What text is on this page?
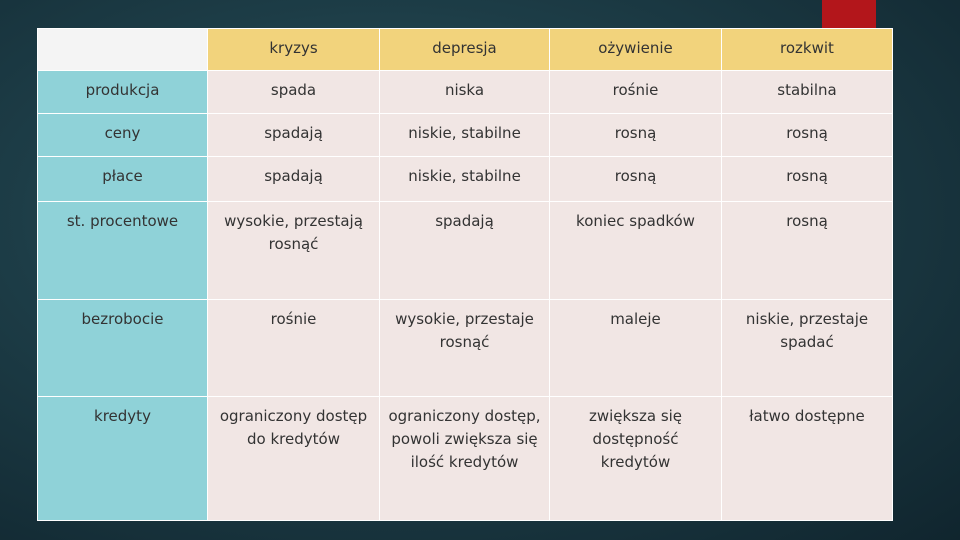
	kryzys	depresja	ożywienie	rozkwit
produkcja	spada	niska	rośnie	stabilna
ceny	spadają	niskie, stabilne	rosną	rosną
płace	spadają	niskie, stabilne	rosną	rosną
st. procentowe	wysokie, przestają rosnąć	spadają	koniec spadków	rosną
bezrobocie	rośnie	wysokie, przestaje rosnąć	maleje	niskie, przestaje spadać
kredyty	ograniczony dostęp do kredytów	ograniczony dostęp, powoli zwiększa się ilość kredytów	zwiększa się dostępność kredytów	łatwo dostępne
